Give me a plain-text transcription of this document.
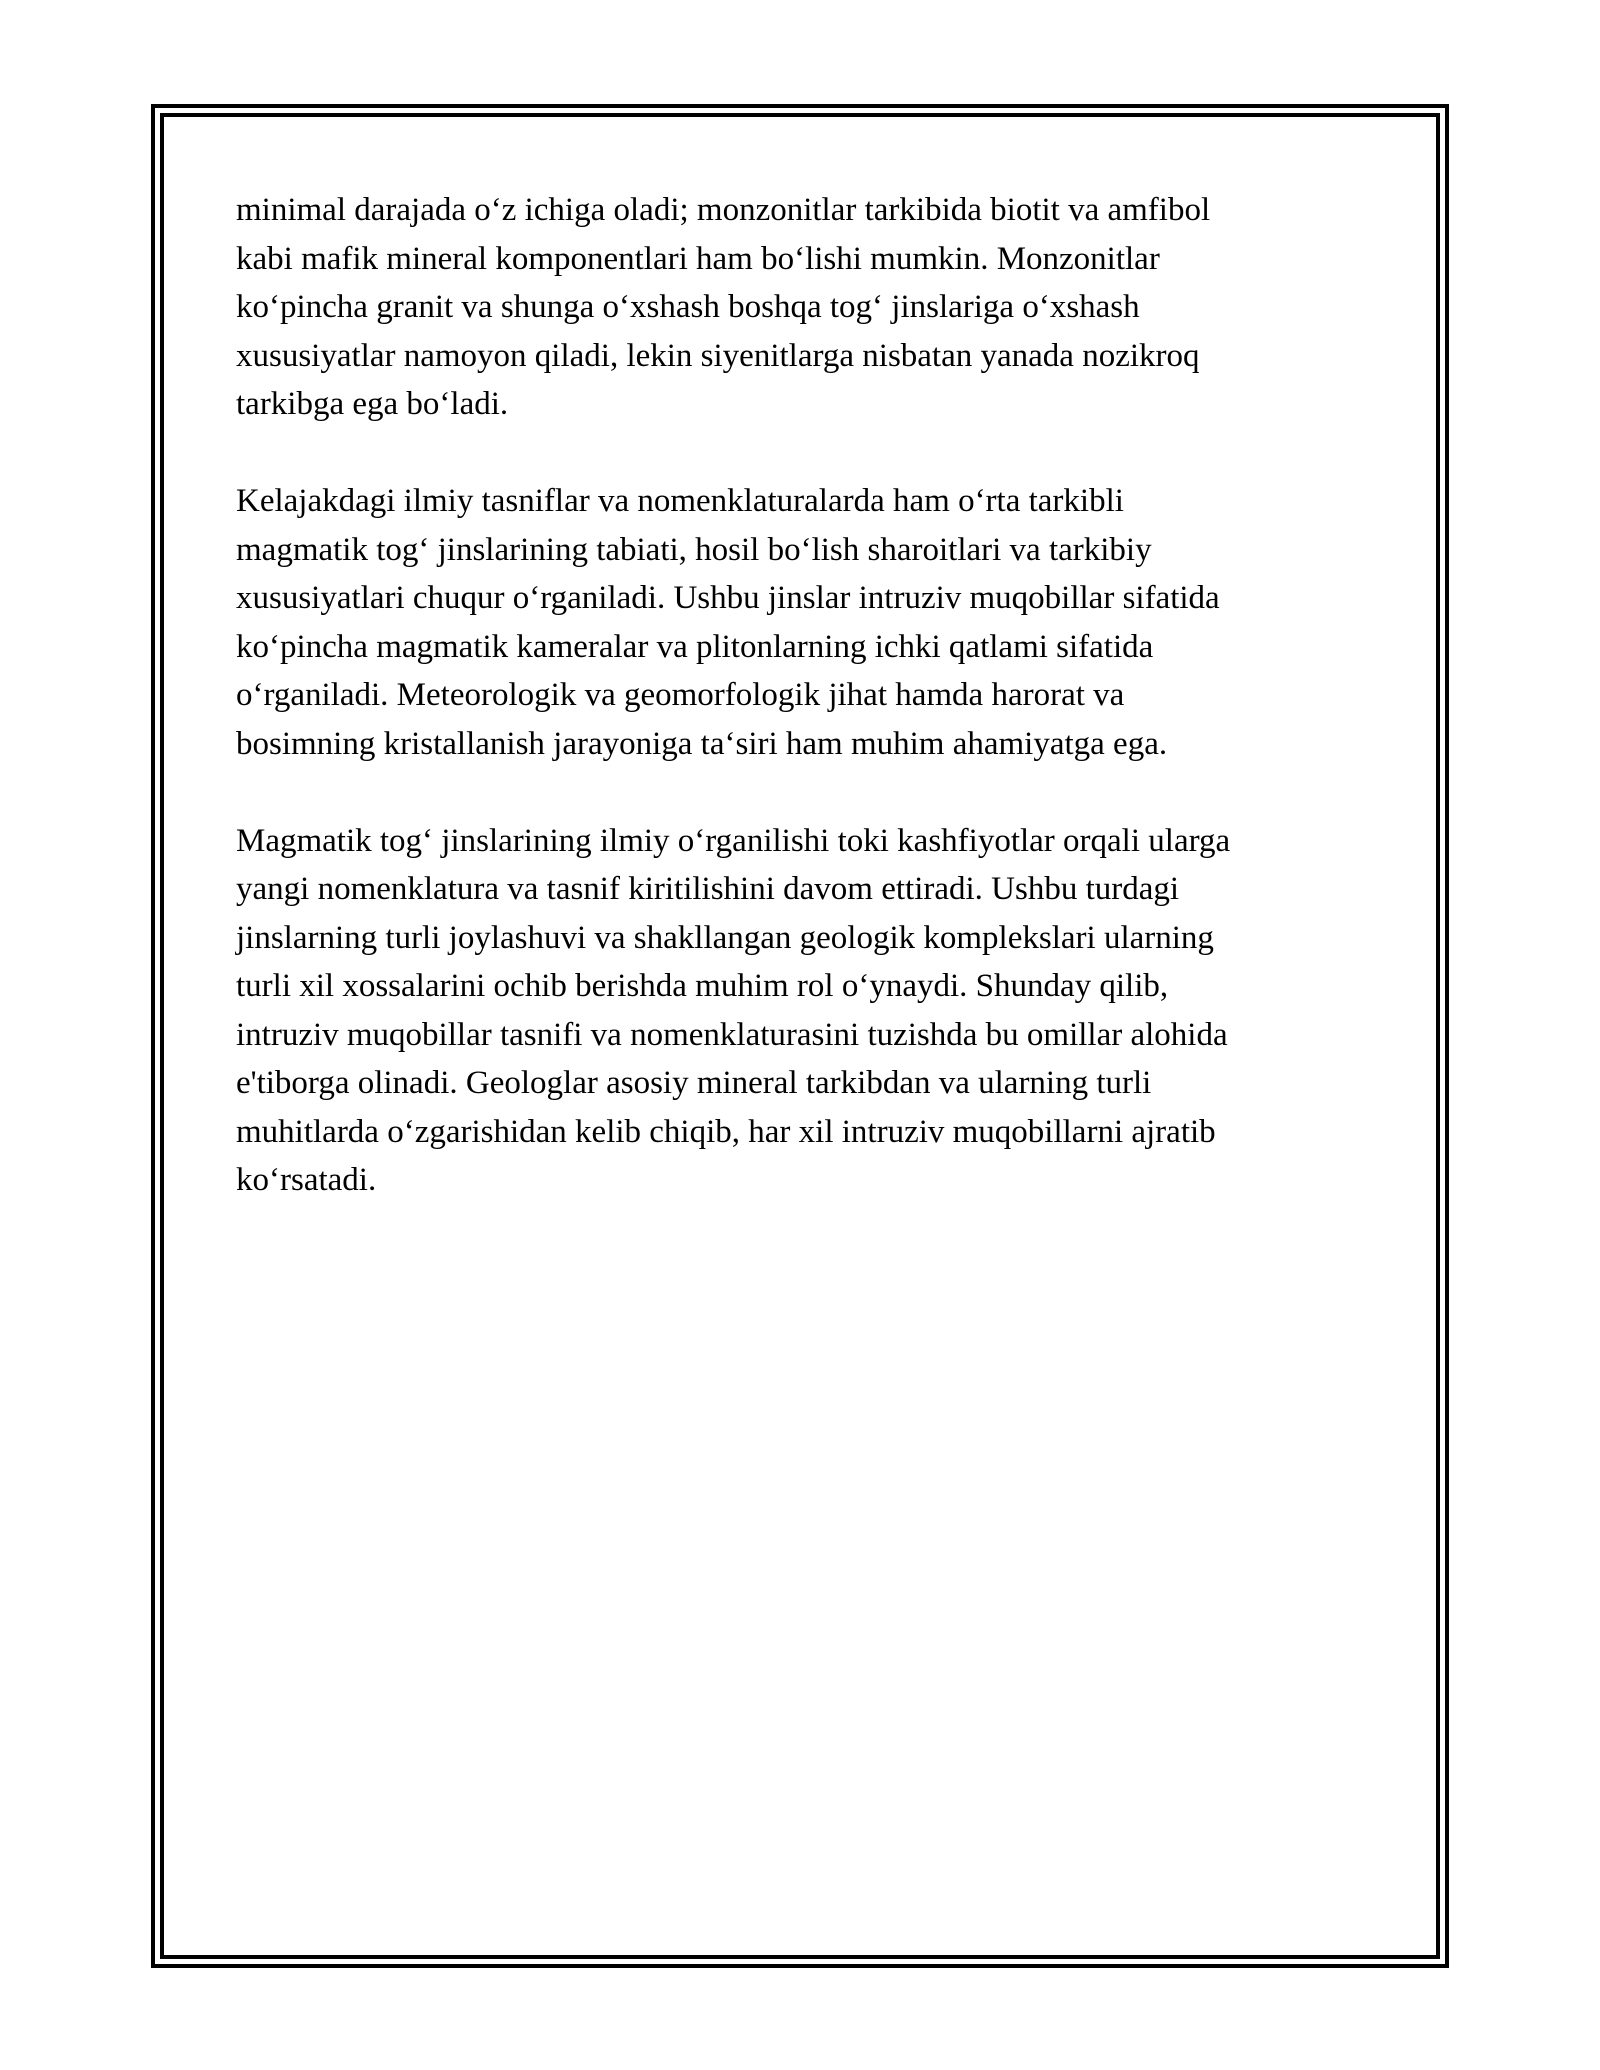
minimal darajada o‘z ichiga oladi; monzonitlar tarkibida biotit va amfibol
kabi mafik mineral komponentlari ham bo‘lishi mumkin. Monzonitlar
ko‘pincha granit va shunga o‘xshash boshqa tog‘ jinslariga o‘xshash
xususiyatlar namoyon qiladi, lekin siyenitlarga nisbatan yanada nozikroq
tarkibga ega bo‘ladi.

Kelajakdagi ilmiy tasniflar va nomenklaturalarda ham o‘rta tarkibli
magmatik tog‘ jinslarining tabiati, hosil bo‘lish sharoitlari va tarkibiy
xususiyatlari chuqur o‘rganiladi. Ushbu jinslar intruziv muqobillar sifatida
ko‘pincha magmatik kameralar va plitonlarning ichki qatlami sifatida
o‘rganiladi. Meteorologik va geomorfologik jihat hamda harorat va
bosimning kristallanish jarayoniga ta‘siri ham muhim ahamiyatga ega.

Magmatik tog‘ jinslarining ilmiy o‘rganilishi toki kashfiyotlar orqali ularga
yangi nomenklatura va tasnif kiritilishini davom ettiradi. Ushbu turdagi
jinslarning turli joylashuvi va shakllangan geologik komplekslari ularning
turli xil xossalarini ochib berishda muhim rol o‘ynaydi. Shunday qilib,
intruziv muqobillar tasnifi va nomenklaturasini tuzishda bu omillar alohida
e'tiborga olinadi. Geologlar asosiy mineral tarkibdan va ularning turli
muhitlarda o‘zgarishidan kelib chiqib, har xil intruziv muqobillarni ajratib
ko‘rsatadi.
